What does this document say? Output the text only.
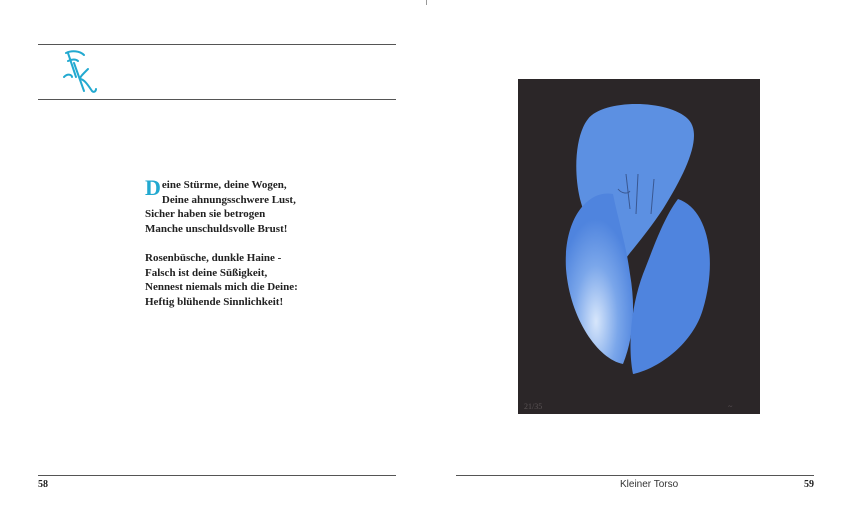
D eine Stürme, deine Wogen,
Deine ahnungsschwere Lust,
Sicher haben sie betrogen
Manche unschuldsvolle Brust!
Rosenbüsche, dunkle Haine -
Falsch ist deine Süßigkeit,
Nennest niemals mich die Deine:
Heftig blühende Sinnlichkeit!
58
21/35	~
Kleiner Torso	59
